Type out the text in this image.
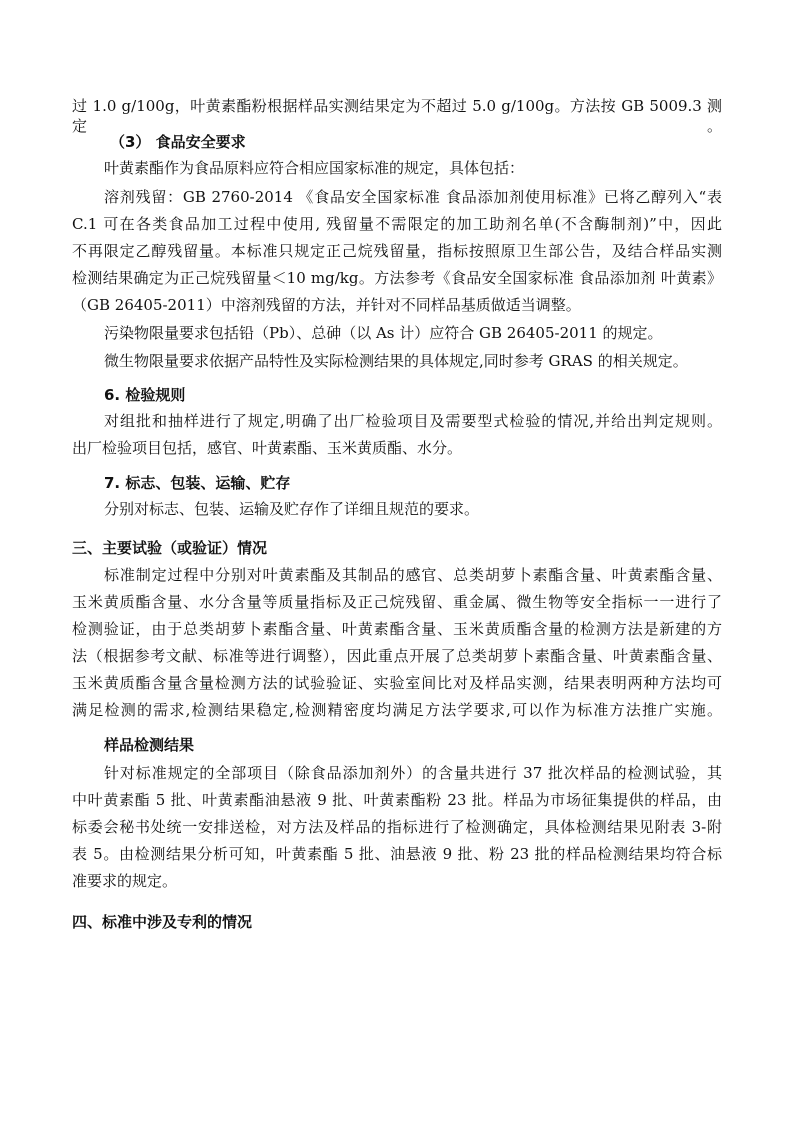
过 1.0 g/100g，叶黄素酯粉根据样品实测结果定为不超过 5.0 g/100g。方法按 GB 5009.3 测定。
（3） 食品安全要求
叶黄素酯作为食品原料应符合相应国家标准的规定，具体包括：
溶剂残留：GB 2760-2014 《食品安全国家标准 食品添加剂使用标准》已将乙醇列入“表
C.1 可在各类食品加工过程中使用, 残留量不需限定的加工助剂名单(不含酶制剂)”中，因此
不再限定乙醇残留量。本标准只规定正己烷残留量，指标按照原卫生部公告，及结合样品实测
检测结果确定为正己烷残留量＜10 mg/kg。方法参考《食品安全国家标准 食品添加剂 叶黄素》
（GB 26405-2011）中溶剂残留的方法，并针对不同样品基质做适当调整。
污染物限量要求包括铅（Pb）、总砷（以 As 计）应符合 GB 26405-2011 的规定。
微生物限量要求依据产品特性及实际检测结果的具体规定,同时参考 GRAS 的相关规定。
6. 检验规则
对组批和抽样进行了规定,明确了出厂检验项目及需要型式检验的情况,并给出判定规则。
出厂检验项目包括，感官、叶黄素酯、玉米黄质酯、水分。
7. 标志、包装、运输、贮存
分别对标志、包装、运输及贮存作了详细且规范的要求。
三、主要试验（或验证）情况
标准制定过程中分别对叶黄素酯及其制品的感官、总类胡萝卜素酯含量、叶黄素酯含量、
玉米黄质酯含量、水分含量等质量指标及正己烷残留、重金属、微生物等安全指标一一进行了
检测验证，由于总类胡萝卜素酯含量、叶黄素酯含量、玉米黄质酯含量的检测方法是新建的方
法（根据参考文献、标准等进行调整），因此重点开展了总类胡萝卜素酯含量、叶黄素酯含量、
玉米黄质酯含量含量检测方法的试验验证、实验室间比对及样品实测，结果表明两种方法均可
满足检测的需求,检测结果稳定,检测精密度均满足方法学要求,可以作为标准方法推广实施。
样品检测结果
针对标准规定的全部项目（除食品添加剂外）的含量共进行 37 批次样品的检测试验，其
中叶黄素酯 5 批、叶黄素酯油悬液 9 批、叶黄素酯粉 23 批。样品为市场征集提供的样品，由
标委会秘书处统一安排送检，对方法及样品的指标进行了检测确定，具体检测结果见附表 3-附
表 5。由检测结果分析可知，叶黄素酯 5 批、油悬液 9 批、粉 23 批的样品检测结果均符合标
准要求的规定。
四、标准中涉及专利的情况
